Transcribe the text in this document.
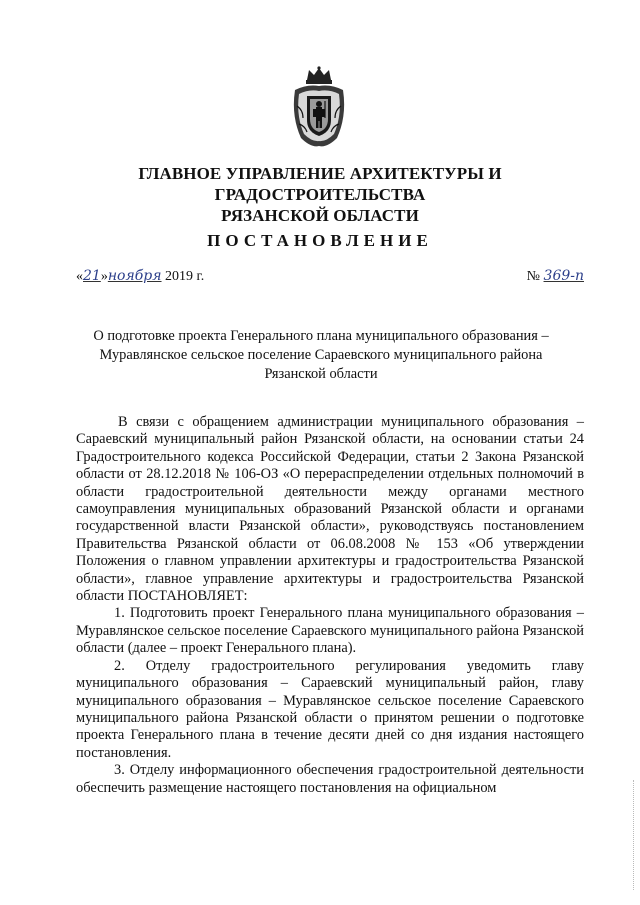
ГЛАВНОЕ УПРАВЛЕНИЕ АРХИТЕКТУРЫ И ГРАДОСТРОИТЕЛЬСТВА
РЯЗАНСКОЙ ОБЛАСТИ
ПОСТАНОВЛЕНИЕ
«21»ноября 2019 г.	№ 369-п
О подготовке проекта Генерального плана муниципального образования –
Муравлянское сельское поселение Сараевского муниципального района
Рязанской области

В связи с обращением администрации муниципального образования – Сараевский муниципальный район Рязанской области, на основании статьи 24 Градостроительного кодекса Российской Федерации, статьи 2 Закона Рязанской области от 28.12.2018 № 106-ОЗ «О перераспределении отдельных полномочий в области градостроительной деятельности между органами местного самоуправления муниципальных образований Рязанской области и органами государственной власти Рязанской области», руководствуясь постановлением Правительства Рязанской области от 06.08.2008 № 153 «Об утверждении Положения о главном управлении архитектуры и градостроительства Рязанской области», главное управление архитектуры и градостроительства Рязанской области ПОСТАНОВЛЯЕТ:

1. Подготовить проект Генерального плана муниципального образования – Муравлянское сельское поселение Сараевского муниципального района Рязанской области (далее – проект Генерального плана).

2. Отделу градостроительного регулирования уведомить главу муниципального образования – Сараевский муниципальный район, главу муниципального образования – Муравлянское сельское поселение Сараевского муниципального района Рязанской области о принятом решении о подготовке проекта Генерального плана в течение десяти дней со дня издания настоящего постановления.

3. Отделу информационного обеспечения градостроительной деятельности обеспечить размещение настоящего постановления на официальном
